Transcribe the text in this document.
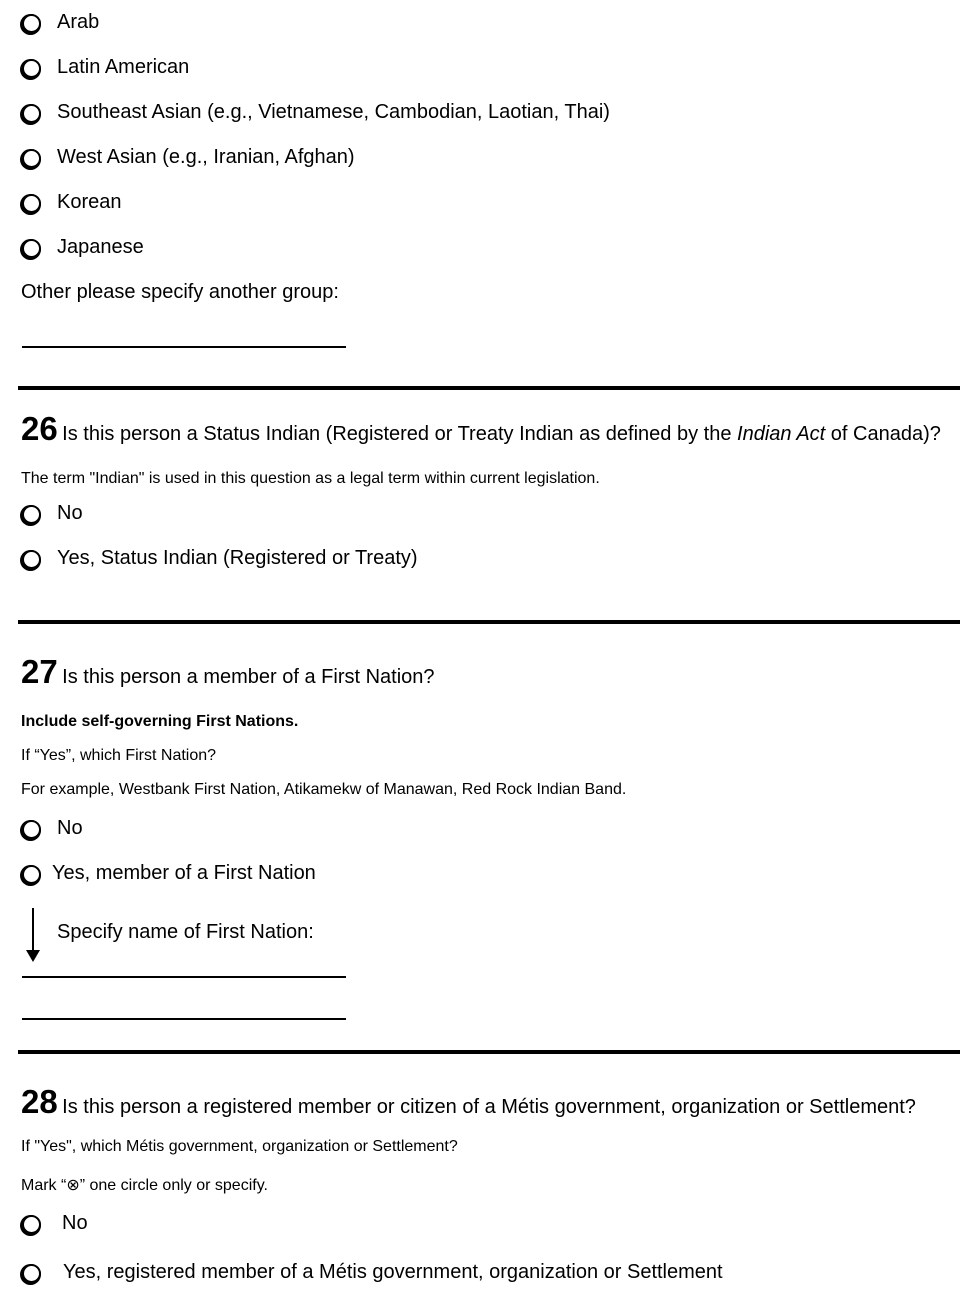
Arab
Latin American
Southeast Asian (e.g., Vietnamese, Cambodian, Laotian, Thai)
West Asian (e.g., Iranian, Afghan)
Korean
Japanese
Other please specify another group:
26 Is this person a Status Indian (Registered or Treaty Indian as defined by the Indian Act of Canada)?
The term "Indian" is used in this question as a legal term within current legislation.
No
Yes, Status Indian (Registered or Treaty)
27 Is this person a member of a First Nation?
Include self-governing First Nations.
If “Yes”, which First Nation?
For example, Westbank First Nation, Atikamekw of Manawan, Red Rock Indian Band.
No
Yes, member of a First Nation
Specify name of First Nation:
28 Is this person a registered member or citizen of a Métis government, organization or Settlement?
If "Yes", which Métis government, organization or Settlement?
Mark “⊗” one circle only or specify.
No
Yes, registered member of a Métis government, organization or Settlement
